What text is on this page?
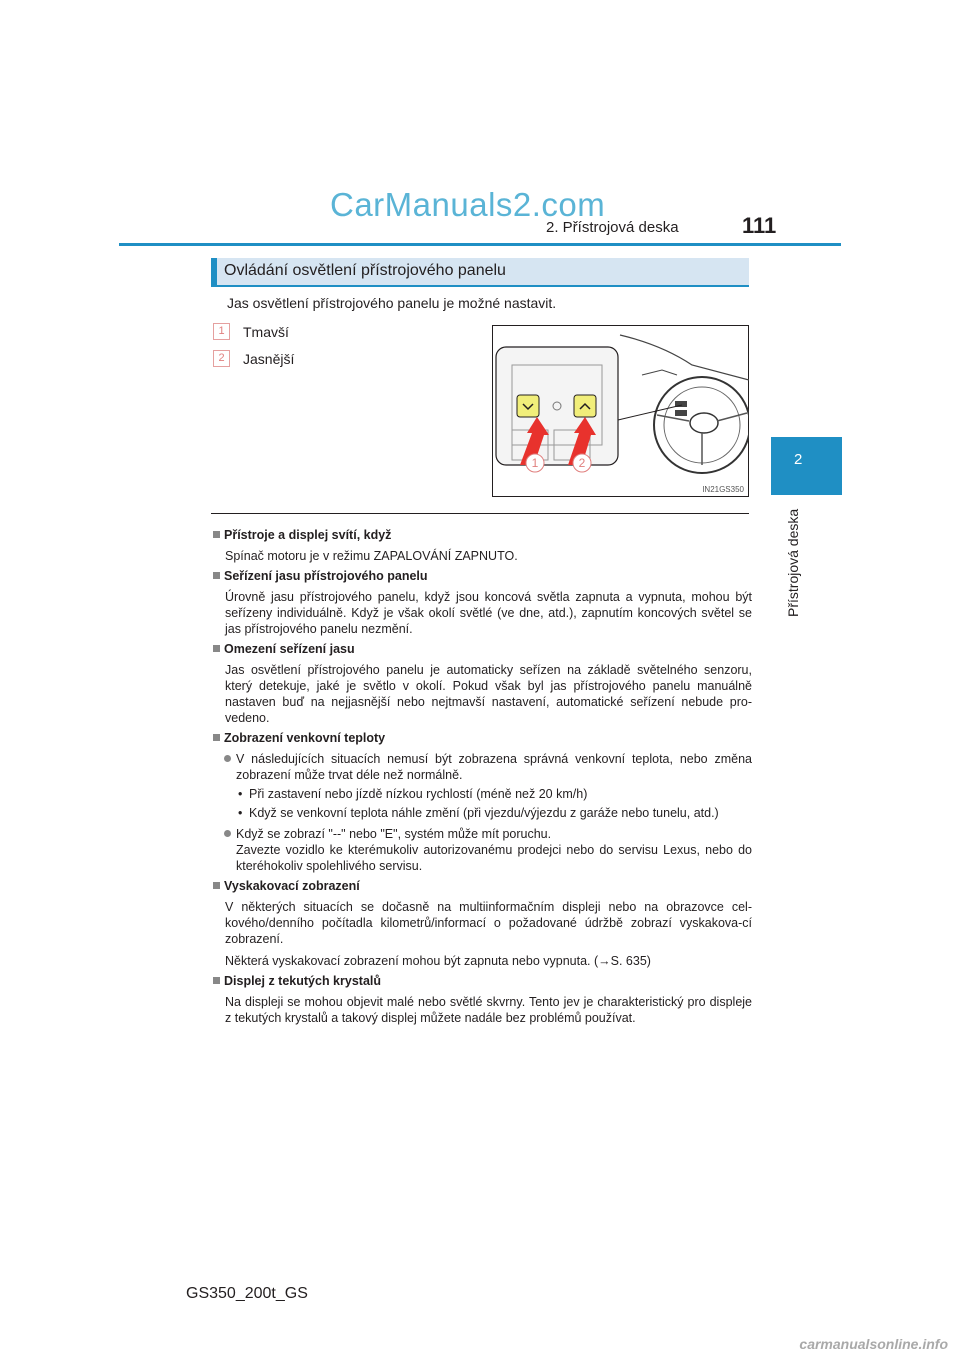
CarManuals2.com
2. Přístrojová deska	111
2
Přístrojová deska
Ovládání osvětlení přístrojového panelu
Jas osvětlení přístrojového panelu je možné nastavit.
1	Tmavší
2	Jasnější
1	2
IN21GS350
Přístroje a displej svítí, když
Spínač motoru je v režimu ZAPALOVÁNÍ ZAPNUTO.
Seřízení jasu přístrojového panelu
Úrovně jasu přístrojového panelu, když jsou koncová světla zapnuta a vypnuta, mohou být seřízeny individuálně. Když je však okolí světlé (ve dne, atd.), zapnutím koncových světel se jas přístrojového panelu nezmění.
Omezení seřízení jasu
Jas osvětlení přístrojového panelu je automaticky seřízen na základě světelného senzoru, který detekuje, jaké je světlo v okolí. Pokud však byl jas přístrojového panelu manuálně nastaven buď na nejjasnější nebo nejtmavší nastavení, automatické seřízení nebude pro-vedeno.
Zobrazení venkovní teploty
V následujících situacích nemusí být zobrazena správná venkovní teplota, nebo změna zobrazení může trvat déle než normálně.
• Při zastavení nebo jízdě nízkou rychlostí (méně než 20 km/h)
• Když se venkovní teplota náhle změní (při vjezdu/výjezdu z garáže nebo tunelu, atd.)
Když se zobrazí "--" nebo "E", systém může mít poruchu.
Zavezte vozidlo ke kterémukoliv autorizovanému prodejci nebo do servisu Lexus, nebo do kteréhokoliv spolehlivého servisu.
Vyskakovací zobrazení
V některých situacích se dočasně na multiinformačním displeji nebo na obrazovce cel-kového/denního počítadla kilometrů/informací o požadované údržbě zobrazí vyskakova-cí zobrazení.
Některá vyskakovací zobrazení mohou být zapnuta nebo vypnuta. (→S. 635)
Displej z tekutých krystalů
Na displeji se mohou objevit malé nebo světlé skvrny. Tento jev je charakteristický pro displeje z tekutých krystalů a takový displej můžete nadále bez problémů používat.
GS350_200t_GS
carmanualsonline.info
